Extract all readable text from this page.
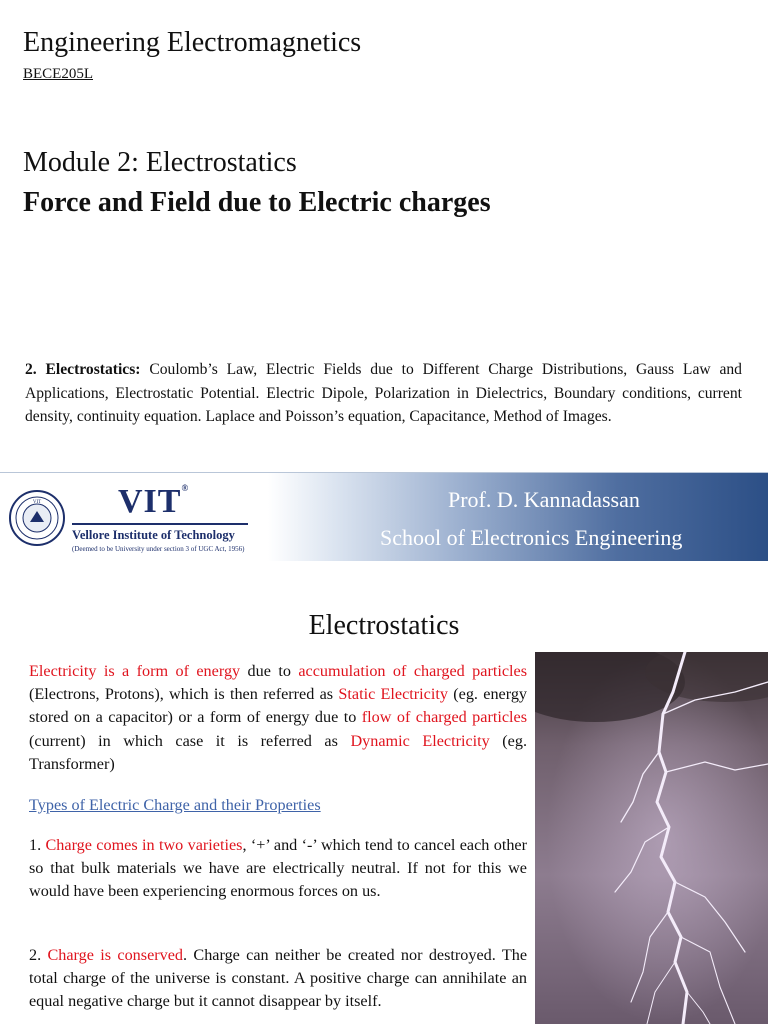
Engineering Electromagnetics
BECE205L
Module 2: Electrostatics
Force and Field due to Electric charges

2. Electrostatics: Coulomb’s Law, Electric Fields due to Different Charge Distributions, Gauss Law and Applications, Electrostatic Potential. Electric Dipole, Polarization in Dielectrics, Boundary conditions, current density, continuity equation. Laplace and Poisson’s equation, Capacitance, Method of Images.

VIT VIT®
Vellore Institute of Technology
(Deemed to be University under section 3 of UGC Act, 1956)
Prof. D. Kannadassan
School of Electronics Engineering
Electrostatics

Electricity is a form of energy due to accumulation of charged particles (Electrons, Protons), which is then referred as Static Electricity (eg. energy stored on a capacitor) or a form of energy due to flow of charged particles (current) in which case it is referred as Dynamic Electricity (eg. Transformer)

Types of Electric Charge and their Properties

1. Charge comes in two varieties, ‘+’ and ‘-’ which tend to cancel each other so that bulk materials we have are electrically neutral. If not for this we would have been experiencing enormous forces on us.

2. Charge is conserved. Charge can neither be created nor destroyed. The total charge of the universe is constant. A positive charge can annihilate an equal negative charge but it cannot disappear by itself.
